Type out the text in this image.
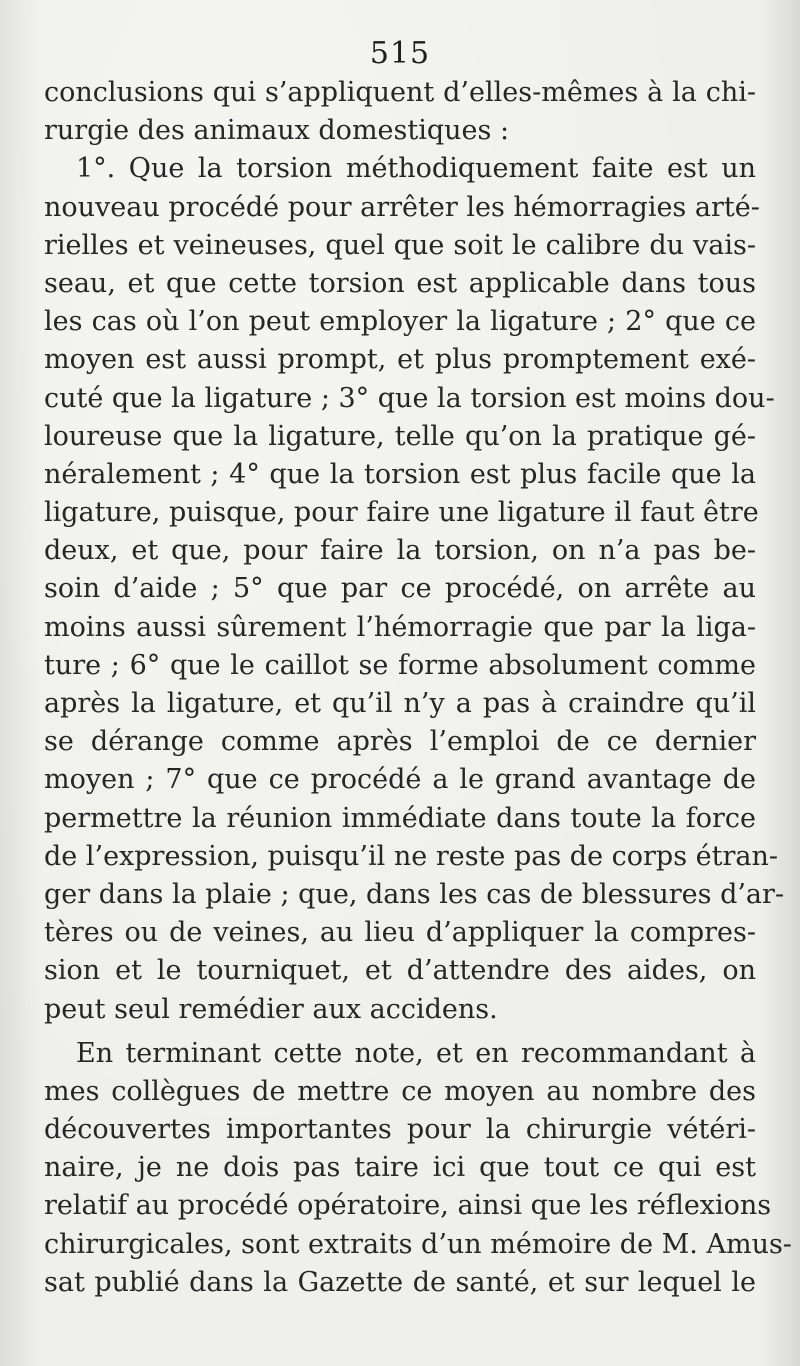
515
conclusions qui s’appliquent d’elles-mêmes à la chi-
rurgie des animaux domestiques :
1°. Que la torsion méthodiquement faite est un
nouveau procédé pour arrêter les hémorragies arté-
rielles et veineuses, quel que soit le calibre du vais-
seau, et que cette torsion est applicable dans tous
les cas où l’on peut employer la ligature ; 2° que ce
moyen est aussi prompt, et plus promptement exé-
cuté que la ligature ; 3° que la torsion est moins dou-
loureuse que la ligature, telle qu’on la pratique gé-
néralement ; 4° que la torsion est plus facile que la
ligature, puisque, pour faire une ligature il faut être
deux, et que, pour faire la torsion, on n’a pas be-
soin d’aide ; 5° que par ce procédé, on arrête au
moins aussi sûrement l’hémorragie que par la liga-
ture ; 6° que le caillot se forme absolument comme
après la ligature, et qu’il n’y a pas à craindre qu’il
se dérange comme après l’emploi de ce dernier
moyen ; 7° que ce procédé a le grand avantage de
permettre la réunion immédiate dans toute la force
de l’expression, puisqu’il ne reste pas de corps étran-
ger dans la plaie ; que, dans les cas de blessures d’ar-
tères ou de veines, au lieu d’appliquer la compres-
sion et le tourniquet, et d’attendre des aides, on
peut seul remédier aux accidens.
En terminant cette note, et en recommandant à
mes collègues de mettre ce moyen au nombre des
découvertes importantes pour la chirurgie vétéri-
naire, je ne dois pas taire ici que tout ce qui est
relatif au procédé opératoire, ainsi que les réflexions
chirurgicales, sont extraits d’un mémoire de M. Amus-
sat publié dans la Gazette de santé, et sur lequel le
